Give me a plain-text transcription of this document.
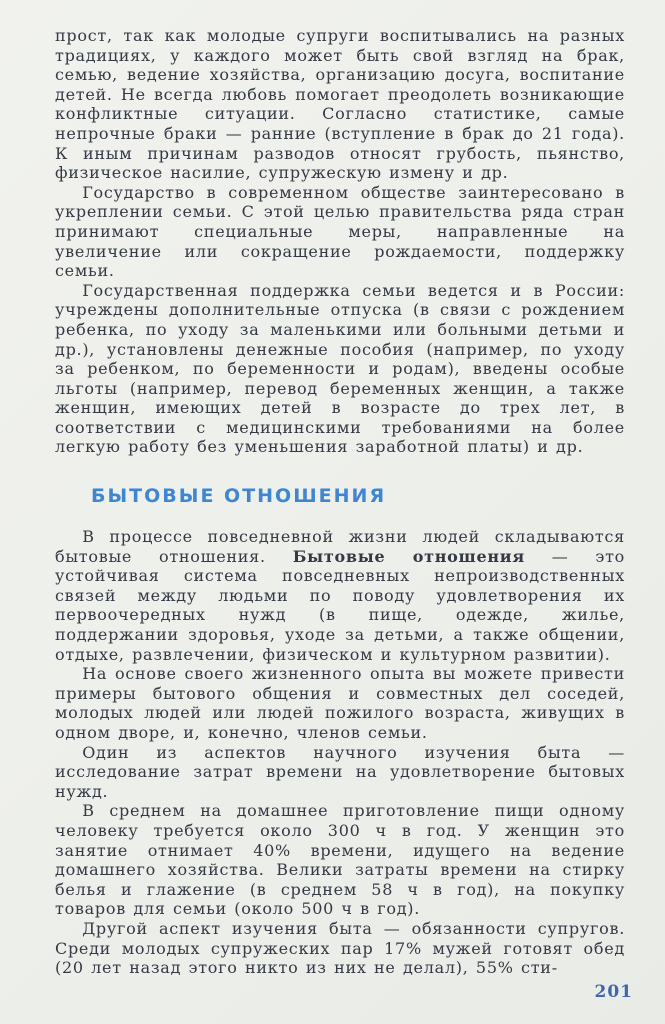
прост, так как молодые супруги воспитывались на разных традициях, у каждого может быть свой взгляд на брак, семью, ведение хозяйства, организацию досуга, воспитание детей. Не всегда любовь помогает преодолеть возникающие конфликтные ситуации. Согласно статистике, самые непрочные браки — ранние (вступление в брак до 21 года). К иным причинам разводов относят грубость, пьянство, физическое насилие, супружескую измену и др.

Государство в современном обществе заинтересовано в укреплении семьи. С этой целью правительства ряда стран принимают специальные меры, направленные на увеличение или сокращение рождаемости, поддержку семьи.

Государственная поддержка семьи ведется и в России: учреждены дополнительные отпуска (в связи с рождением ребенка, по уходу за маленькими или больными детьми и др.), установлены денежные пособия (например, по уходу за ребенком, по беременности и родам), введены особые льготы (например, перевод беременных женщин, а также женщин, имеющих детей в возрасте до трех лет, в соответствии с медицинскими требованиями на более легкую работу без уменьшения заработной платы) и др.

БЫТОВЫЕ ОТНОШЕНИЯ

В процессе повседневной жизни людей складываются бытовые отношения. Бытовые отношения — это устойчивая система повседневных непроизводственных связей между людьми по поводу удовлетворения их первоочередных нужд (в пище, одежде, жилье, поддержании здоровья, уходе за детьми, а также общении, отдыхе, развлечении, физическом и культурном развитии).

На основе своего жизненного опыта вы можете привести примеры бытового общения и совместных дел соседей, молодых людей или людей пожилого возраста, живущих в одном дворе, и, конечно, членов семьи.

Один из аспектов научного изучения быта — исследование затрат времени на удовлетворение бытовых нужд.

В среднем на домашнее приготовление пищи одному человеку требуется около 300 ч в год. У женщин это занятие отнимает 40% времени, идущего на ведение домашнего хозяйства. Велики затраты времени на стирку белья и глажение (в среднем 58 ч в год), на покупку товаров для семьи (около 500 ч в год).

Другой аспект изучения быта — обязанности супругов. Среди молодых супружеских пар 17% мужей готовят обед (20 лет назад этого никто из них не делал), 55% сти-

201
